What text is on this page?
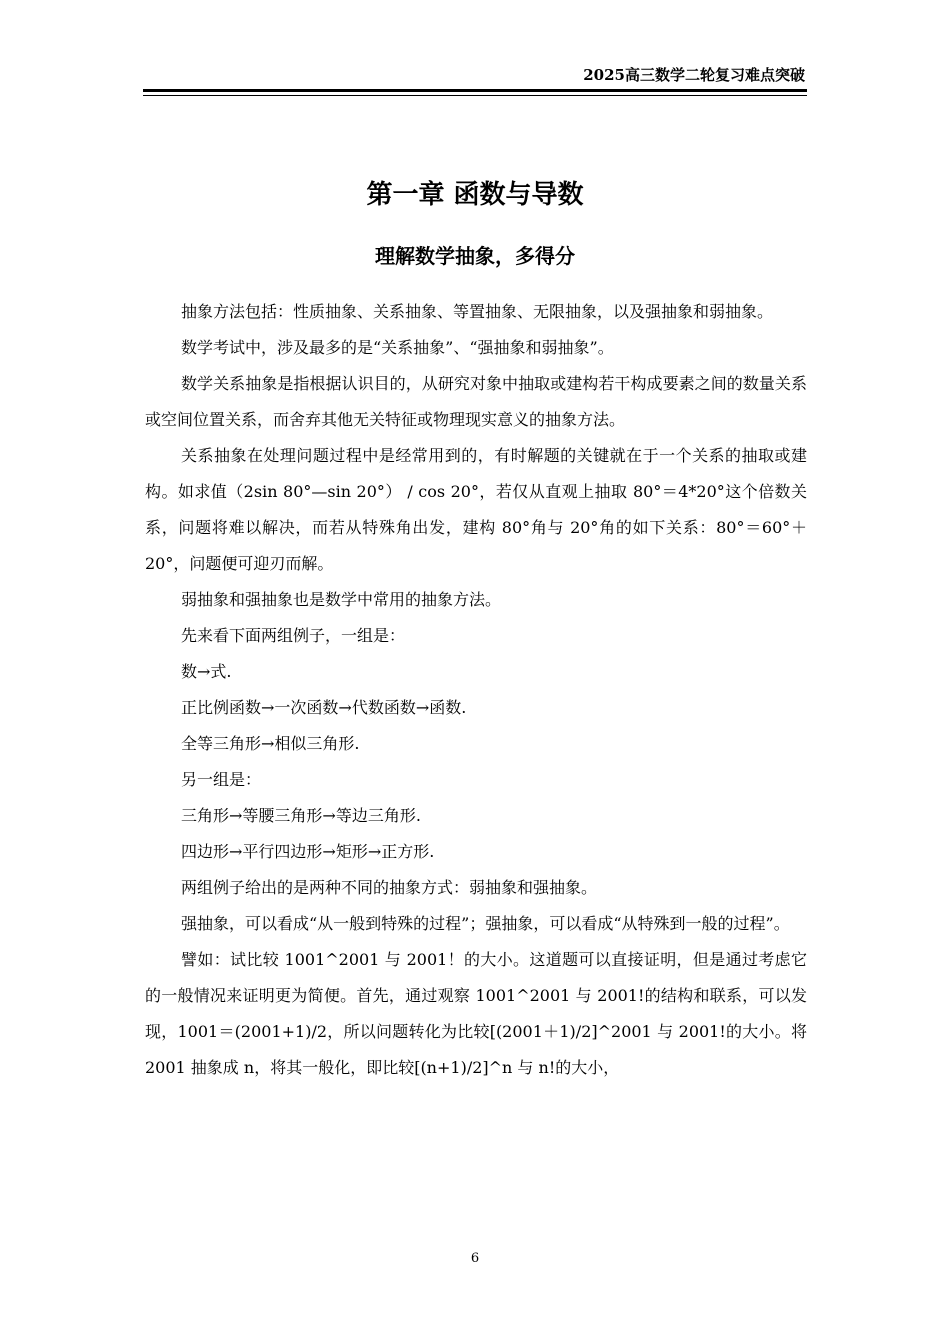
2025高三数学二轮复习难点突破
第一章 函数与导数
理解数学抽象，多得分

抽象方法包括：性质抽象、关系抽象、等置抽象、无限抽象，以及强抽象和弱抽象。

数学考试中，涉及最多的是“关系抽象”、“强抽象和弱抽象”。

数学关系抽象是指根据认识目的，从研究对象中抽取或建构若干构成要素之间的数量关系或空间位置关系，而舍弃其他无关特征或物理现实意义的抽象方法。

关系抽象在处理问题过程中是经常用到的，有时解题的关键就在于一个关系的抽取或建构。如求值（2sin 80°—sin 20°） / cos 20°，若仅从直观上抽取 80°＝4*20°这个倍数关系，问题将难以解决，而若从特殊角出发，建构 80°角与 20°角的如下关系：80°＝60°＋20°，问题便可迎刃而解。

弱抽象和强抽象也是数学中常用的抽象方法。

先来看下面两组例子，一组是：

数→式.

正比例函数→一次函数→代数函数→函数.

全等三角形→相似三角形.

另一组是：

三角形→等腰三角形→等边三角形.

四边形→平行四边形→矩形→正方形.

两组例子给出的是两种不同的抽象方式：弱抽象和强抽象。

强抽象，可以看成“从一般到特殊的过程”；强抽象，可以看成“从特殊到一般的过程”。

譬如：试比较 1001^2001 与 2001！的大小。这道题可以直接证明，但是通过考虑它的一般情况来证明更为简便。首先，通过观察 1001^2001 与 2001!的结构和联系，可以发现，1001＝(2001+1)/2，所以问题转化为比较[(2001＋1)/2]^2001 与 2001!的大小。将 2001 抽象成 n，将其一般化，即比较[(n+1)/2]^n 与 n!的大小，

6
